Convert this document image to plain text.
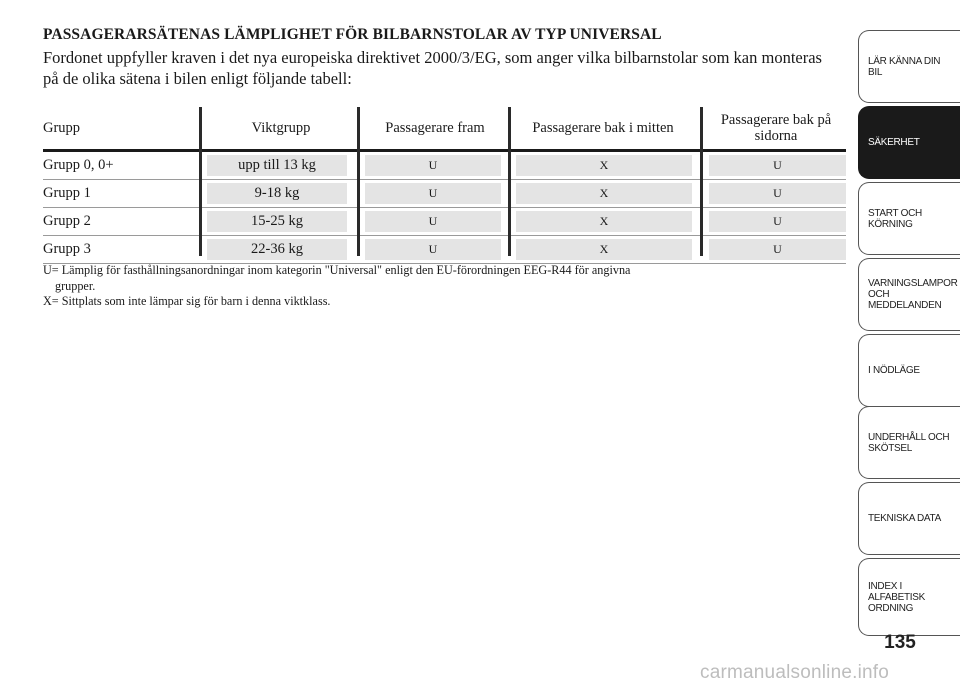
PASSAGERARSÄTENAS LÄMPLIGHET FÖR BILBARNSTOLAR AV TYP UNIVERSAL

Fordonet uppfyller kraven i det nya europeiska direktivet 2000/3/EG, som anger vilka bilbarnstolar som kan monteras på de olika sätena i bilen enligt följande tabell:

Grupp	Viktgrupp	Passagerare fram	Passagerare bak i mitten	Passagerare bak på sidorna
Grupp 0, 0+	upp till 13 kg	U	X	U
Grupp 1	9-18 kg	U	X	U
Grupp 2	15-25 kg	U	X	U
Grupp 3	22-36 kg	U	X	U

U= Lämplig för fasthållningsanordningar inom kategorin "Universal" enligt den EU-förordningen EEG-R44 för angivna
grupper.
X= Sittplats som inte lämpar sig för barn i denna viktklass.

LÄR KÄNNA DIN BIL
SÄKERHET
START OCH KÖRNING
VARNINGSLAMPOR OCH MEDDELANDEN
I NÖDLÄGE
UNDERHÅLL OCH SKÖTSEL
TEKNISKA DATA
INDEX I ALFABETISK ORDNING
135
carmanualsonline.info
